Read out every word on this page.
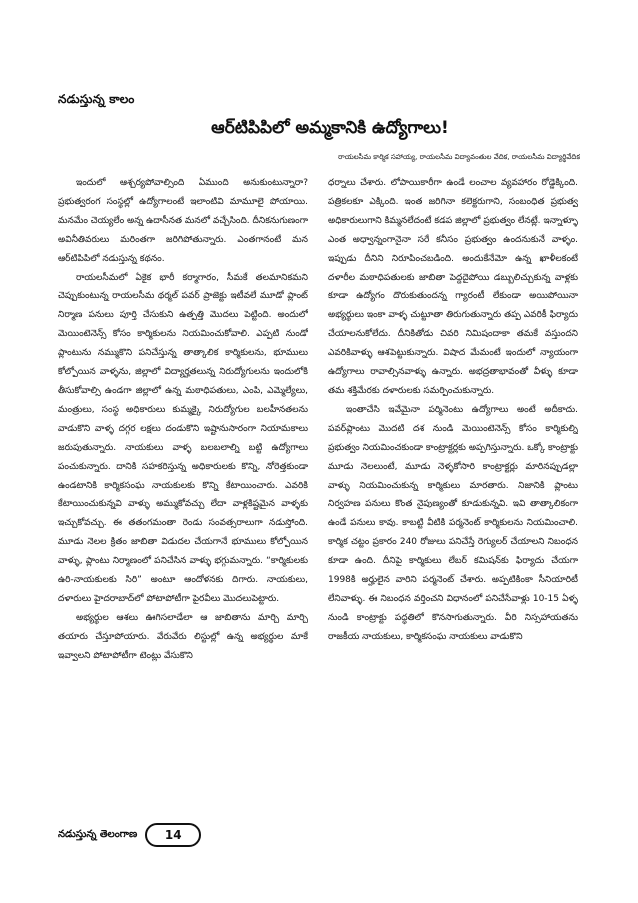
నడుస్తున్న కాలం
ఆర్‌టిపిపిలో అమ్మకానికి ఉద్యోగాలు!
రాయలసీమ కార్మిక సహాయ్య, రాయలసీమ విద్యావంతుల వేదిక, రాయలసీమ విద్యార్థివేదిక

ఇందులో ఆశ్చర్యపోవాల్సింది ఏముంది అనుకుంటున్నారా? ప్రభుత్వరంగ సంస్థల్లో ఉద్యోగాలంటే ఇలాంటివి మామూలై పోయాయి. మనమేం చెయ్యలేం అన్న ఉదాసీనత మనలో వచ్చేసింది. దీనికనుగుణంగా అవినీతివరులు మరింతగా జరిగిపోతున్నారు. ఎంతగానంటే మన ఆర్‌టిపిపిలో నడుస్తున్న కథనం.

రాయలసీమలో ఏకైక భారీ కర్మాగారం, సీమకే తలమానికమని చెప్పుకుంటున్న రాయలసీమ థర్మల్ పవర్ ప్రాజెక్టు ఇటీవలే మూడో ప్లాంట్ నిర్మాణ పనులు పూర్తి చేసుకుని ఉత్పత్తి మొదలు పెట్టింది. అందులో మెయింటెనెన్స్ కోసం కార్మికులను నియమించుకోవాలి. ఎప్పటి నుండో ప్లాంటును నమ్ముకొని పనిచేస్తున్న తాత్కాలిక కార్మికులను, భూములు కోల్పోయిన వాళ్ళను, జిల్లాలో విద్యార్హతలున్న నిరుద్యోగులను ఇందులోకి తీసుకోవాల్సి ఉండగా జిల్లాలో ఉన్న మఠాధిపతులు, ఎంపి, ఎమ్మెల్యేలు, మంత్రులు, సంస్థ అధికారులు కుమ్మక్కై నిరుద్యోగుల బలహీనతలను వాడుకొని వాళ్ళ దగ్గర లక్షలు దండుకొని ఇష్టానుసారంగా నియామకాలు జరుపుతున్నారు. నాయకులు వాళ్ళ బలబలాల్ని బట్టి ఉద్యోగాలు పంచుకున్నారు. దానికి సహకరిస్తున్న అధికారులకు కొన్ని, నోరెత్తకుండా ఉండటానికి కార్మికసంఘ నాయకులకు కొన్ని కేటాయించారు. ఎవరికి కేటాయించుకున్నవి వాళ్ళు అమ్ముకోవచ్చు లేదా వాళ్లకిష్టమైన వాళ్ళకు ఇచ్చుకోవచ్చు. ఈ తతంగమంతా రెండు సంవత్సరాలుగా నడుస్తోంది. మూడు నెలల క్రితం జాబితా విడుదల చేయగానే భూములు కోల్పోయిన వాళ్ళు, ప్లాంటు నిర్మాణంలో పనిచేసిన వాళ్ళు భగ్గుమన్నారు. “కార్మికులకు ఉరి-నాయకులకు సిరి” అంటూ ఆందోళనకు దిగారు. నాయకులు, దళారులు హైదరాబాద్‌లో పోటాపోటీగా పైరవీలు మొదలుపెట్టారు.

అభ్యర్థుల ఆశలు ఊగిసలాడేలా ఆ జాబితాను మార్చి మార్చి తయారు చేస్తూపోయారు. వేరువేరు లిస్టుల్లో ఉన్న అభ్యర్థుల మాకే ఇవ్వాలని పోటాపోటీగా టెంట్లు వేసుకొని

ధర్నాలు చేశారు. లోపాయికారీగా ఉండే లంచాల వ్యవహారం రోడ్డెక్కింది. పత్రికలకూ ఎక్కింది. ఇంత జరిగినా కలెక్టరుగాని, సంబంధిత ప్రభుత్వ అధికారులుగాని కిమ్మనలేదంటే కడప జిల్లాలో ప్రభుత్వం లేనట్లే. ఇన్నాళ్ళూ ఎంత అధ్వాన్నంగానైనా సరే కనీసం ప్రభుత్వం ఉందనుకునే వాళ్ళం. ఇప్పుడు దీనిని నిరూపించబడింది. అందుకేనేమో ఉన్న ఖాళీలకంటే దళారీల మఠాధిపతులకు జాబితా పెద్దదైపోయి డబ్బులిచ్చుకున్న వాళ్లకు కూడా ఉద్యోగం దొరుకుతుందన్న గ్యారంటీ లేకుండా అయిపోయినా అభ్యర్థులు ఇంకా వాళ్ళ చుట్టూతా తిరుగుతున్నారు తప్ప ఎవరికీ ఫిర్యాదు చేయాలనుకోలేదు. దీనికితోడు చివరి నిమిషందాకా తమకే వస్తుందని ఎవరికివాళ్ళు ఆశపెట్టుకున్నారు. విషాద మేమంటే ఇందులో న్యాయంగా ఉద్యోగాలు రావాల్సినవాళ్ళు ఉన్నారు. అభద్రతాభావంతో వీళ్ళు కూడా తమ శక్తిమేరకు దళారులకు సమర్పించుకున్నారు.

ఇంతాచేసి ఇవేమైనా పర్మినెంటు ఉద్యోగాలు అంటే అదీకాదు. పవర్‌ప్లాంటు మొదటి దశ నుండి మెయింటెనెన్స్ కోసం కార్మికుల్ని ప్రభుత్వం నియమించకుండా కాంట్రాక్టర్లకు అప్పగిస్తున్నారు. ఒక్కో కాంట్రాక్టు మూడు నెలలుంటే, మూడు నెళ్ళకోసారి కాంట్రాక్టర్లు మారినప్పుడల్లా వాళ్ళు నియమించుకున్న కార్మికులు మారతారు. నిజానికి ప్లాంటు నిర్వహణ పనులు కొంత నైపుణ్యంతో కూడుకున్నవి. ఇవి తాత్కాలికంగా ఉండే పనులు కావు. కాబట్టి వీటికి పర్మనెంట్ కార్మికులను నియమించాలి. కార్మిక చట్టం ప్రకారం 240 రోజులు పనిచేస్తే రెగ్యులర్ చేయాలని నిబంధన కూడా ఉంది. దీనిపై కార్మికులు లేబర్ కమిషన్‌కు ఫిర్యాదు చేయగా 1998కి అర్హులైన వారిని పర్మనెంట్ చేశారు. అప్పటికింకా సీనియారిటీ లేనివాళ్ళు. ఈ నిబంధన వర్తించని విధానంలో పనిచేసేవాళ్లు 10-15 ఏళ్ళ నుండి కాంట్రాక్టు పద్ధతిలో కొనసాగుతున్నారు. వీరి నిస్సహాయతను రాజకీయ నాయకులు, కార్మికసంఘ నాయకులు వాడుకొని

నడుస్తున్న తెలంగాణ	14
